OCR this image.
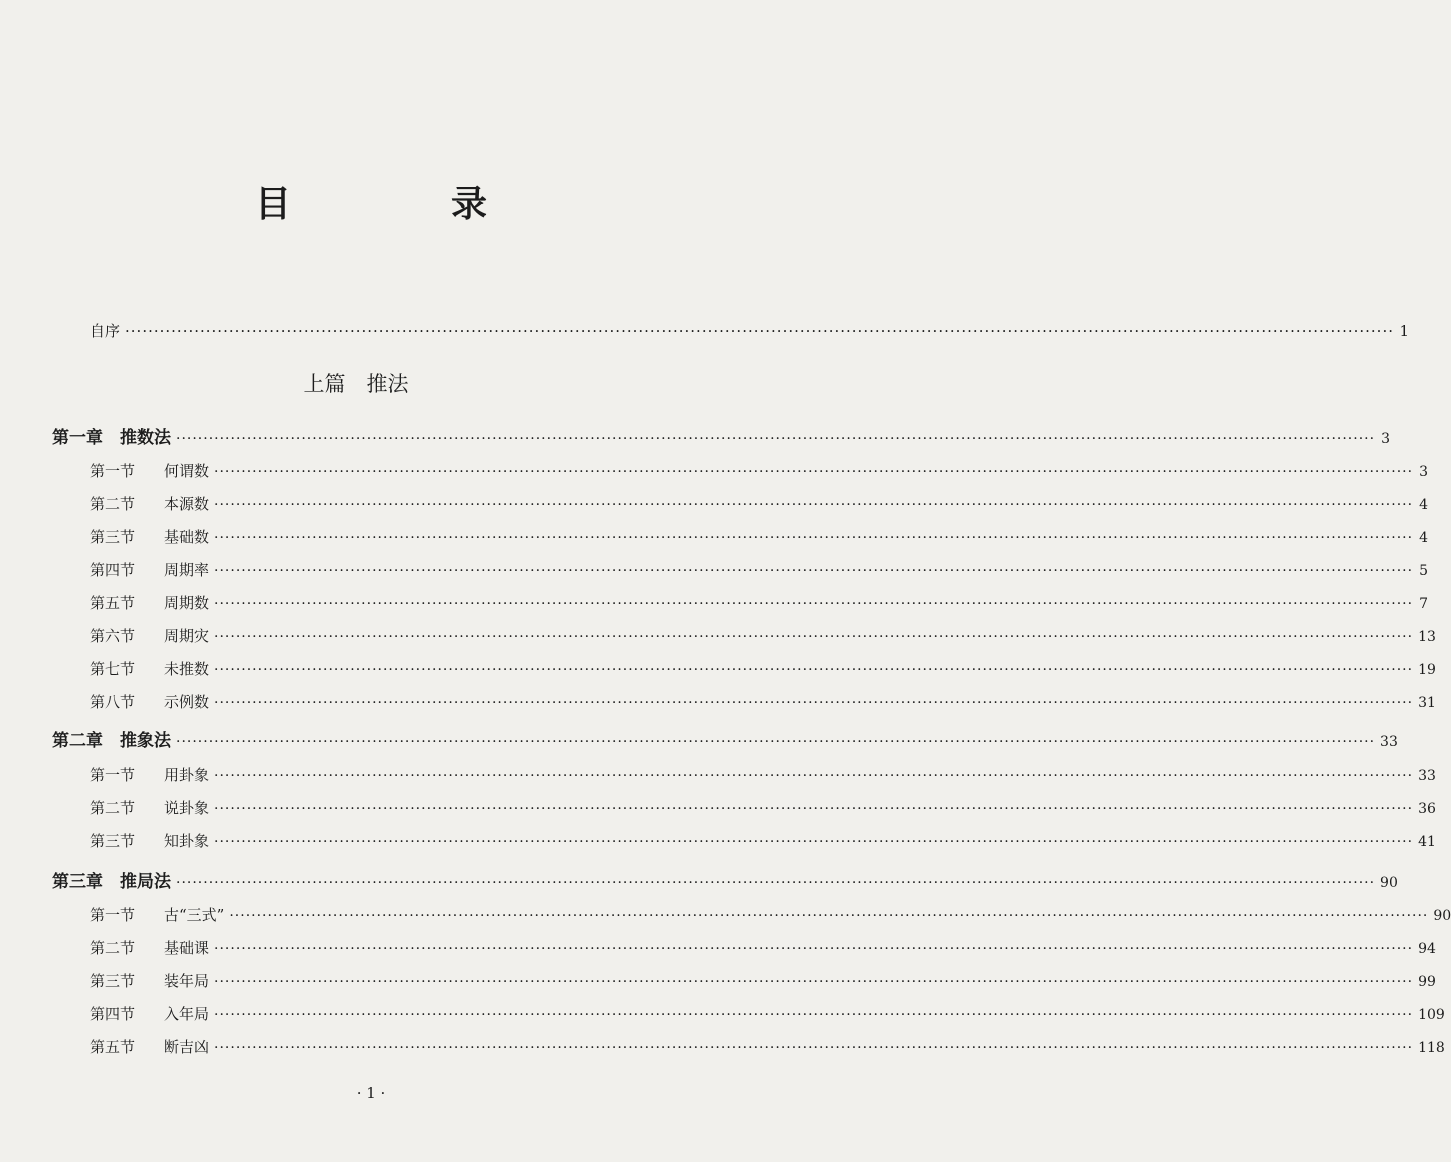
目　录
自序 ···························································································································································································································· 1
上篇　推法
第一章　推数法 ···························································································································································································································· 3
第一节 何谓数 ···························································································································································································································· 3
第二节 本源数 ···························································································································································································································· 4
第三节 基础数 ···························································································································································································································· 4
第四节 周期率 ···························································································································································································································· 5
第五节 周期数 ···························································································································································································································· 7
第六节 周期灾 ···························································································································································································································· 13
第七节 未推数 ···························································································································································································································· 19
第八节 示例数 ···························································································································································································································· 31
第二章　推象法 ···························································································································································································································· 33
第一节 用卦象 ···························································································································································································································· 33
第二节 说卦象 ···························································································································································································································· 36
第三节 知卦象 ···························································································································································································································· 41
第三章　推局法 ···························································································································································································································· 90
第一节 古“三式” ···························································································································································································································· 90
第二节 基础课 ···························································································································································································································· 94
第三节 装年局 ···························································································································································································································· 99
第四节 入年局 ···························································································································································································································· 109
第五节 断吉凶 ···························································································································································································································· 118
· 1 ·
